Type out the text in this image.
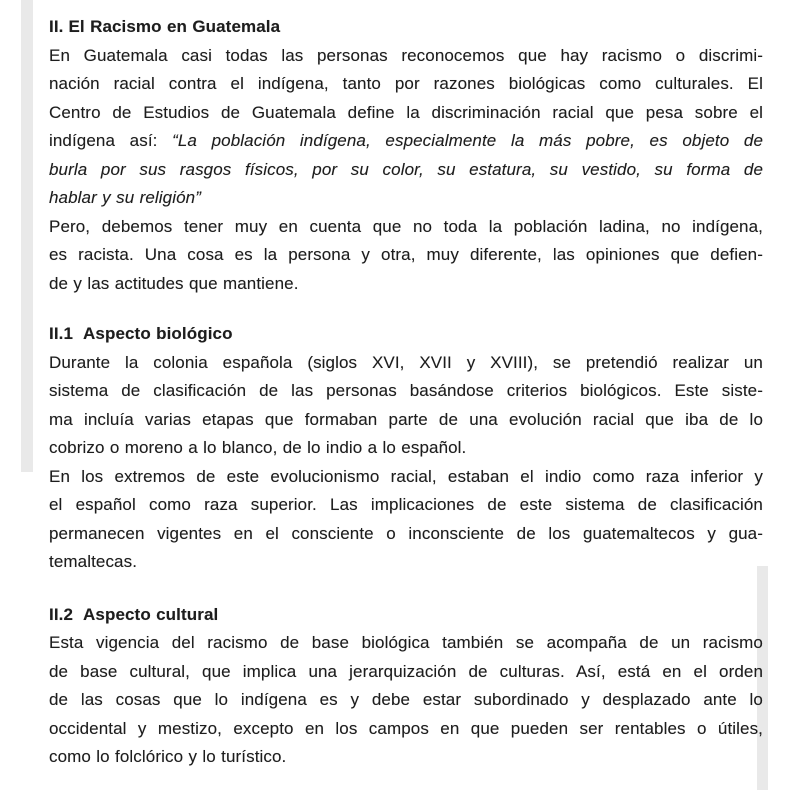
II. El Racismo en Guatemala
En Guatemala casi todas las personas reconocemos que hay racismo o discrimi-
nación racial contra el indígena, tanto por razones biológicas como culturales. El
Centro de Estudios de Guatemala define la discriminación racial que pesa sobre el
indígena así: “La población indígena, especialmente la más pobre, es objeto de
burla por sus rasgos físicos, por su color, su estatura, su vestido, su forma de
hablar y su religión”
Pero, debemos tener muy en cuenta que no toda la población ladina, no indígena,
es racista. Una cosa es la persona y otra, muy diferente, las opiniones que defien-
de y las actitudes que mantiene.
II.1 Aspecto biológico
Durante la colonia española (siglos XVI, XVII y XVIII), se pretendió realizar un
sistema de clasificación de las personas basándose criterios biológicos. Este siste-
ma incluía varias etapas que formaban parte de una evolución racial que iba de lo
cobrizo o moreno a lo blanco, de lo indio a lo español.
En los extremos de este evolucionismo racial, estaban el indio como raza inferior y
el español como raza superior. Las implicaciones de este sistema de clasificación
permanecen vigentes en el consciente o inconsciente de los guatemaltecos y gua-
temaltecas.
II.2 Aspecto cultural
Esta vigencia del racismo de base biológica también se acompaña de un racismo
de base cultural, que implica una jerarquización de culturas. Así, está en el orden
de las cosas que lo indígena es y debe estar subordinado y desplazado ante lo
occidental y mestizo, excepto en los campos en que pueden ser rentables o útiles,
como lo folclórico y lo turístico.
